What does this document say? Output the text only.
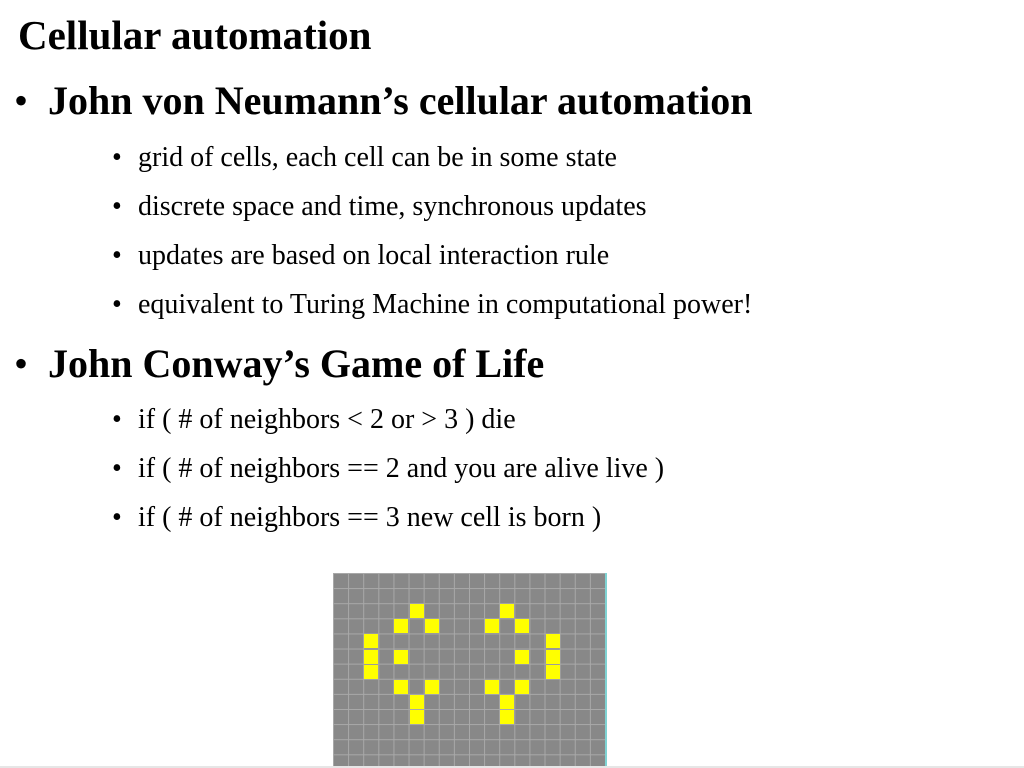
Cellular automation
• John von Neumann’s cellular automation
• grid of cells, each cell can be in some state
• discrete space and time, synchronous updates
• updates are based on local interaction rule
• equivalent to Turing Machine in computational power!
• John Conway’s Game of Life
• if ( # of neighbors < 2 or > 3 ) die
• if ( # of neighbors == 2 and you are alive live )
• if ( # of neighbors == 3 new cell is born )
